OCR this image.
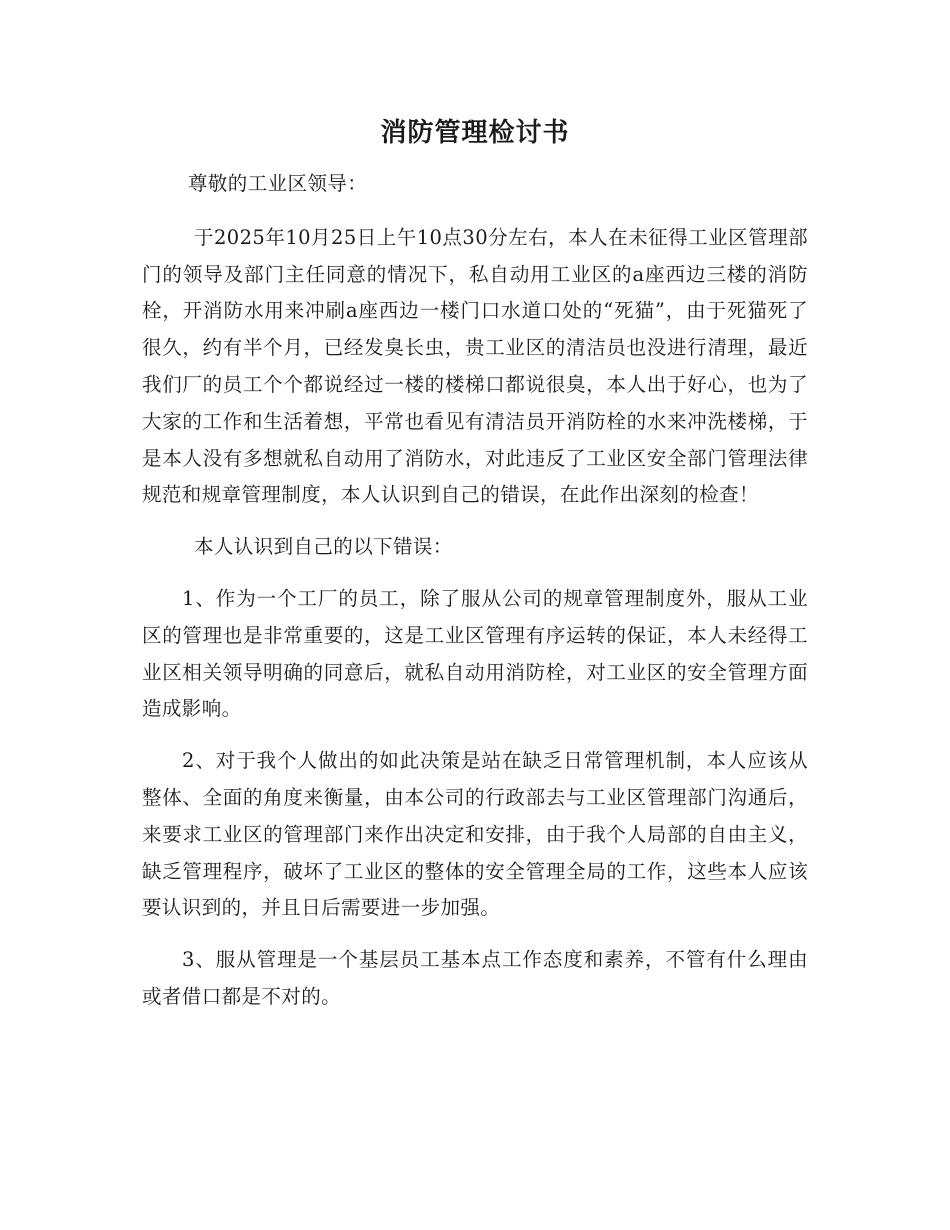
消防管理检讨书

尊敬的工业区领导：

于2025年10月25日上午10点30分左右，本人在未征得工业区管理部门的领导及部门主任同意的情况下，私自动用工业区的a座西边三楼的消防栓，开消防水用来冲刷a座西边一楼门口水道口处的“死猫”，由于死猫死了很久，约有半个月，已经发臭长虫，贵工业区的清洁员也没进行清理，最近我们厂的员工个个都说经过一楼的楼梯口都说很臭，本人出于好心，也为了大家的工作和生活着想，平常也看见有清洁员开消防栓的水来冲洗楼梯，于是本人没有多想就私自动用了消防水，对此违反了工业区安全部门管理法律规范和规章管理制度，本人认识到自己的错误，在此作出深刻的检查！

本人认识到自己的以下错误：

1、作为一个工厂的员工，除了服从公司的规章管理制度外，服从工业区的管理也是非常重要的，这是工业区管理有序运转的保证，本人未经得工业区相关领导明确的同意后，就私自动用消防栓，对工业区的安全管理方面造成影响。

2、对于我个人做出的如此决策是站在缺乏日常管理机制，本人应该从整体、全面的角度来衡量，由本公司的行政部去与工业区管理部门沟通后，来要求工业区的管理部门来作出决定和安排，由于我个人局部的自由主义，缺乏管理程序，破坏了工业区的整体的安全管理全局的工作，这些本人应该要认识到的，并且日后需要进一步加强。

3、服从管理是一个基层员工基本点工作态度和素养，不管有什么理由或者借口都是不对的。
